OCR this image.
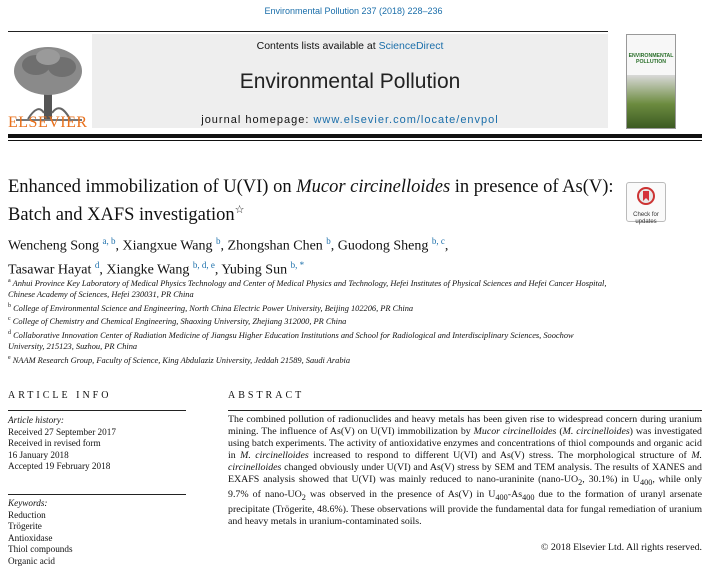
Environmental Pollution 237 (2018) 228–236
ELSEVIER
Contents lists available at ScienceDirect
Environmental Pollution
journal homepage: www.elsevier.com/locate/envpol
ENVIRONMENTAL POLLUTION
Enhanced immobilization of U(VI) on Mucor circinelloides in presence of As(V): Batch and XAFS investigation☆	Check for updates
Wencheng Song $^{a, b}$, Xiangxue Wang $^b$, Zhongshan Chen $^b$, Guodong Sheng $^{b, c}$,
Tasawar Hayat $^d$, Xiangke Wang $^{b, d, e}$, Yubing Sun $^{b, *}$
$^a$ Anhui Province Key Laboratory of Medical Physics Technology and Center of Medical Physics and Technology, Hefei Institutes of Physical Sciences and Hefei Cancer Hospital, Chinese Academy of Sciences, Hefei 230031, PR China
$^b$ College of Environmental Science and Engineering, North China Electric Power University, Beijing 102206, PR China
$^c$ College of Chemistry and Chemical Engineering, Shaoxing University, Zhejiang 312000, PR China
$^d$ Collaborative Innovation Center of Radiation Medicine of Jiangsu Higher Education Institutions and School for Radiological and Interdisciplinary Sciences, Soochow University, 215123, Suzhou, PR China
$^e$ NAAM Research Group, Faculty of Science, King Abdulaziz University, Jeddah 21589, Saudi Arabia
ARTICLE INFO	ABSTRACT
Article history:
Received 27 September 2017
Received in revised form
16 January 2018
Accepted 19 February 2018
Keywords:
Reduction
Trögerite
Antioxidase
Thiol compounds
Organic acid
The combined pollution of radionuclides and heavy metals has been given rise to widespread concern during uranium mining. The influence of As(V) on U(VI) immobilization by Mucor circinelloides (M. circinelloides) was investigated using batch experiments. The activity of antioxidative enzymes and concentrations of thiol compounds and organic acid in M. circinelloides increased to respond to different U(VI) and As(V) stress. The morphological structure of M. circinelloides changed obviously under U(VI) and As(V) stress by SEM and TEM analysis. The results of XANES and EXAFS analysis showed that U(VI) was mainly reduced to nano-uraninite ($nano-UO_2$, 30.1%) in $U_{400}$, while only 9.7% of nano-$UO_2$ was observed in the presence of As(V) in $U_{400}-As_{400}$ due to the formation of uranyl arsenate precipitate (Trögerite, 48.6%). These observations will provide the fundamental data for fungal remediation of uranium and heavy metals in uranium-contaminated soils.
© 2018 Elsevier Ltd. All rights reserved.
